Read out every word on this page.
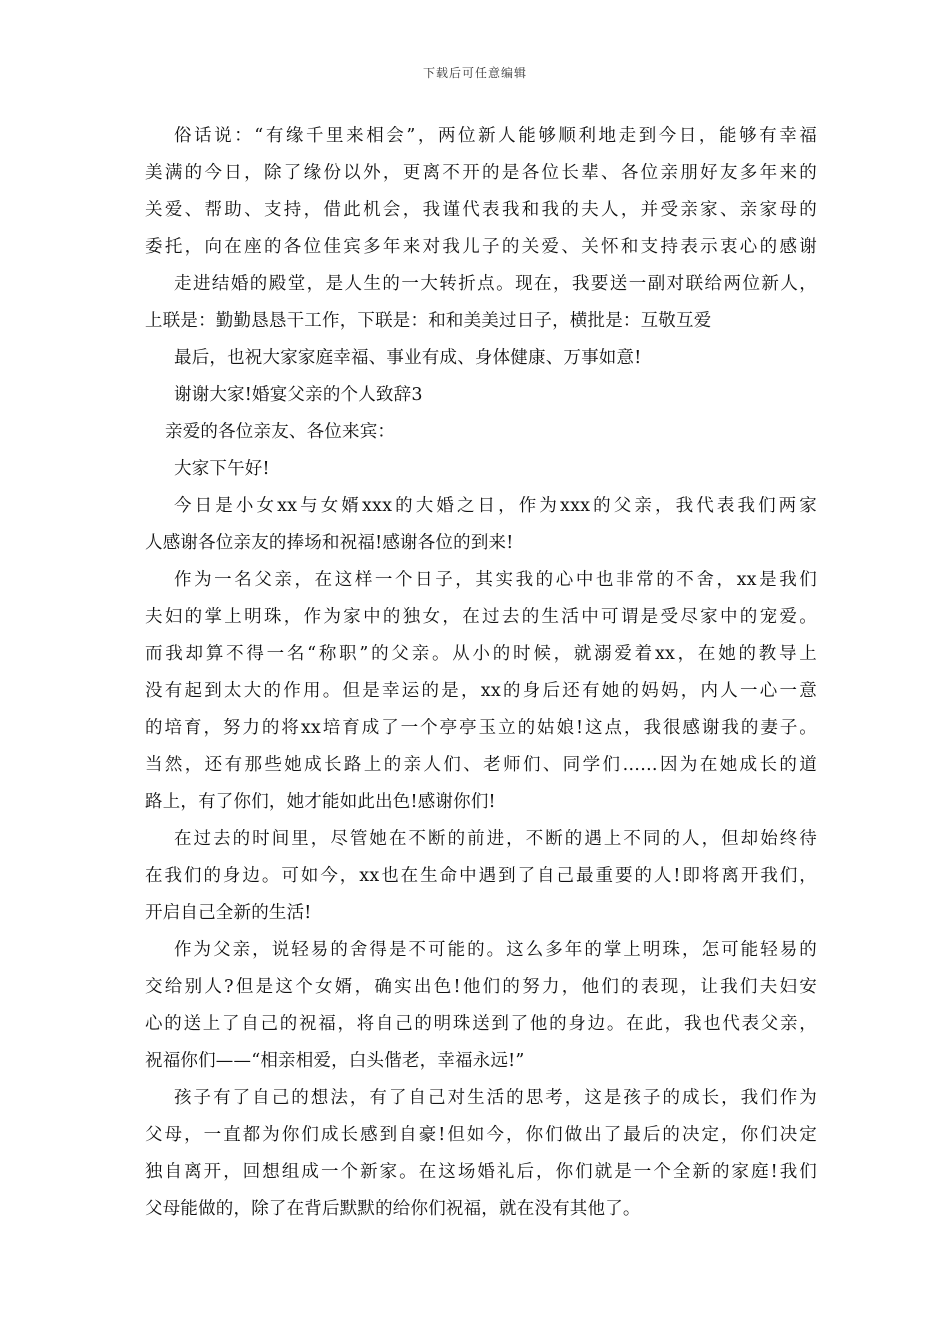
下载后可任意编辑
俗话说：“有缘千里来相会”，两位新人能够顺利地走到今日，能够有幸福
美满的今日，除了缘份以外，更离不开的是各位长辈、各位亲朋好友多年来的
关爱、帮助、支持，借此机会，我谨代表我和我的夫人，并受亲家、亲家母的
委托，向在座的各位佳宾多年来对我儿子的关爱、关怀和支持表示衷心的感谢
走进结婚的殿堂，是人生的一大转折点。现在，我要送一副对联给两位新人，
上联是：勤勤恳恳干工作，下联是：和和美美过日子，横批是：互敬互爱
最后，也祝大家家庭幸福、事业有成、身体健康、万事如意!
谢谢大家!婚宴父亲的个人致辞3
亲爱的各位亲友、各位来宾：
大家下午好!
今日是小女xx与女婿xxx的大婚之日，作为xxx的父亲，我代表我们两家
人感谢各位亲友的捧场和祝福!感谢各位的到来!
作为一名父亲，在这样一个日子，其实我的心中也非常的不舍，xx是我们
夫妇的掌上明珠，作为家中的独女，在过去的生活中可谓是受尽家中的宠爱。
而我却算不得一名“称职”的父亲。从小的时候，就溺爱着xx，在她的教导上
没有起到太大的作用。但是幸运的是，xx的身后还有她的妈妈，内人一心一意
的培育，努力的将xx培育成了一个亭亭玉立的姑娘!这点，我很感谢我的妻子。
当然，还有那些她成长路上的亲人们、老师们、同学们……因为在她成长的道
路上，有了你们，她才能如此出色!感谢你们!
在过去的时间里，尽管她在不断的前进，不断的遇上不同的人，但却始终待
在我们的身边。可如今，xx也在生命中遇到了自己最重要的人!即将离开我们，
开启自己全新的生活!
作为父亲，说轻易的舍得是不可能的。这么多年的掌上明珠，怎可能轻易的
交给别人?但是这个女婿，确实出色!他们的努力，他们的表现，让我们夫妇安
心的送上了自己的祝福，将自己的明珠送到了他的身边。在此，我也代表父亲，
祝福你们——“相亲相爱，白头偕老，幸福永远!”
孩子有了自己的想法，有了自己对生活的思考，这是孩子的成长，我们作为
父母，一直都为你们成长感到自豪!但如今，你们做出了最后的决定，你们决定
独自离开，回想组成一个新家。在这场婚礼后，你们就是一个全新的家庭!我们
父母能做的，除了在背后默默的给你们祝福，就在没有其他了。
